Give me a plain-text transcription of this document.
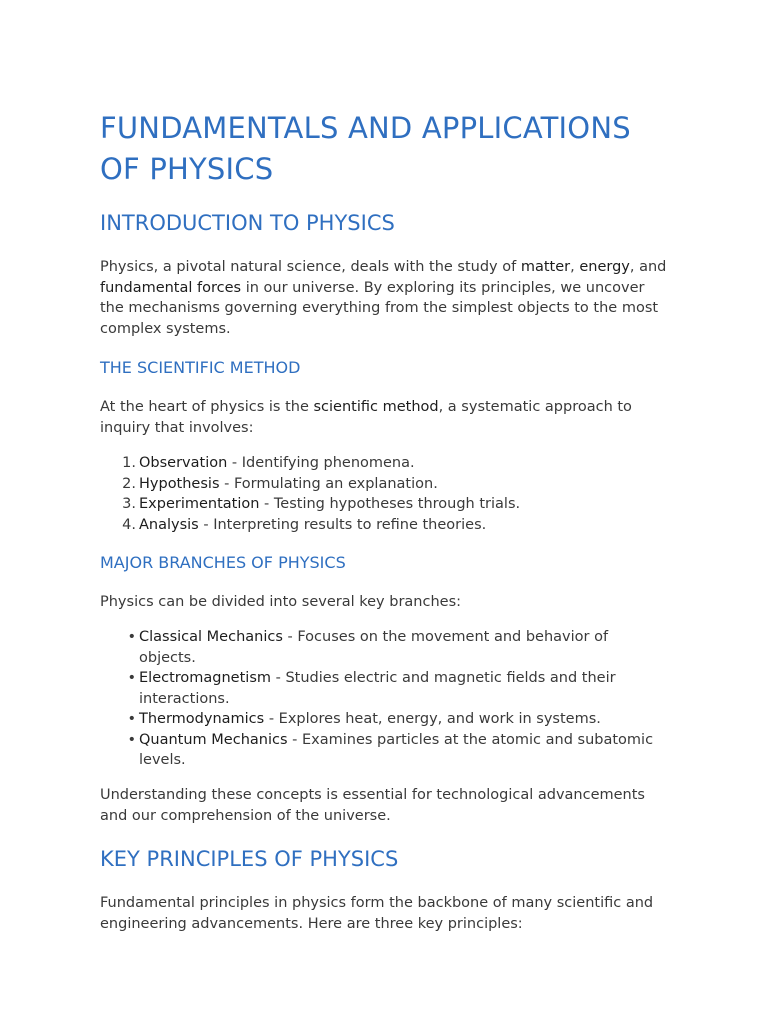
FUNDAMENTALS AND APPLICATIONS OF PHYSICS
INTRODUCTION TO PHYSICS

Physics, a pivotal natural science, deals with the study of matter, energy, and fundamental forces in our universe. By exploring its principles, we uncover the mechanisms governing everything from the simplest objects to the most complex systems.

THE SCIENTIFIC METHOD

At the heart of physics is the scientific method, a systematic approach to inquiry that involves:

1. Observation - Identifying phenomena.
2. Hypothesis - Formulating an explanation.
3. Experimentation - Testing hypotheses through trials.
4. Analysis - Interpreting results to refine theories.
MAJOR BRANCHES OF PHYSICS

Physics can be divided into several key branches:

• Classical Mechanics - Focuses on the movement and behavior of objects.
• Electromagnetism - Studies electric and magnetic fields and their interactions.
• Thermodynamics - Explores heat, energy, and work in systems.
• Quantum Mechanics - Examines particles at the atomic and subatomic levels.

Understanding these concepts is essential for technological advancements and our comprehension of the universe.

KEY PRINCIPLES OF PHYSICS

Fundamental principles in physics form the backbone of many scientific and engineering advancements. Here are three key principles:
